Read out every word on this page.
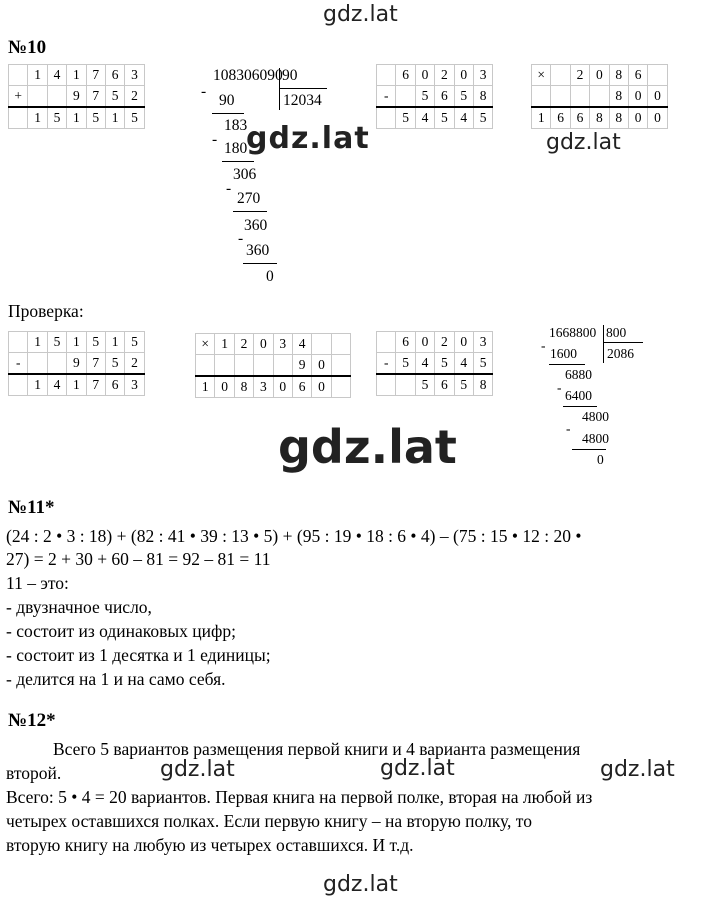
gdz.lat
gdz.lat	gdz.lat
gdz.lat
gdz.lat	gdz.lat	gdz.lat
gdz.lat
№10
	1	4	1	7	6	3
+			9	7	5	2
	1	5	1	5	1	5
108306090 90
12034
-
90
183
-
180
306
-
270
360
-
360
0
	6	0	2	0	3
-		5	6	5	8
	5	4	5	4	5
×		2	0	8	6	
				8	0	0
1	6	6	8	8	0	0
Проверка:
	1	5	1	5	1	5
-			9	7	5	2
	1	4	1	7	6	3
×	1	2	0	3	4		
					9	0	
1	0	8	3	0	6	0	
	6	0	2	0	3
-	5	4	5	4	5
		5	6	5	8
1668800 800
2086
-
1600
6880
-
6400
4800
-
4800
0
№11*
(24 : 2 • 3 : 18) + (82 : 41 • 39 : 13 • 5) + (95 : 19 • 18 : 6 • 4) – (75 : 15 • 12 : 20 •
27) = 2 + 30 + 60 – 81 = 92 – 81 = 11
11 – это:
- двузначное число,
- состоит из одинаковых цифр;
- состоит из 1 десятка и 1 единицы;
- делится на 1 и на само себя.
№12*
Всего 5 вариантов размещения первой книги и 4 варианта размещения
второй.
Всего: 5 • 4 = 20 вариантов. Первая книга на первой полке, вторая на любой из
четырех оставшихся полках. Если первую книгу – на вторую полку, то
вторую книгу на любую из четырех оставшихся. И т.д.
